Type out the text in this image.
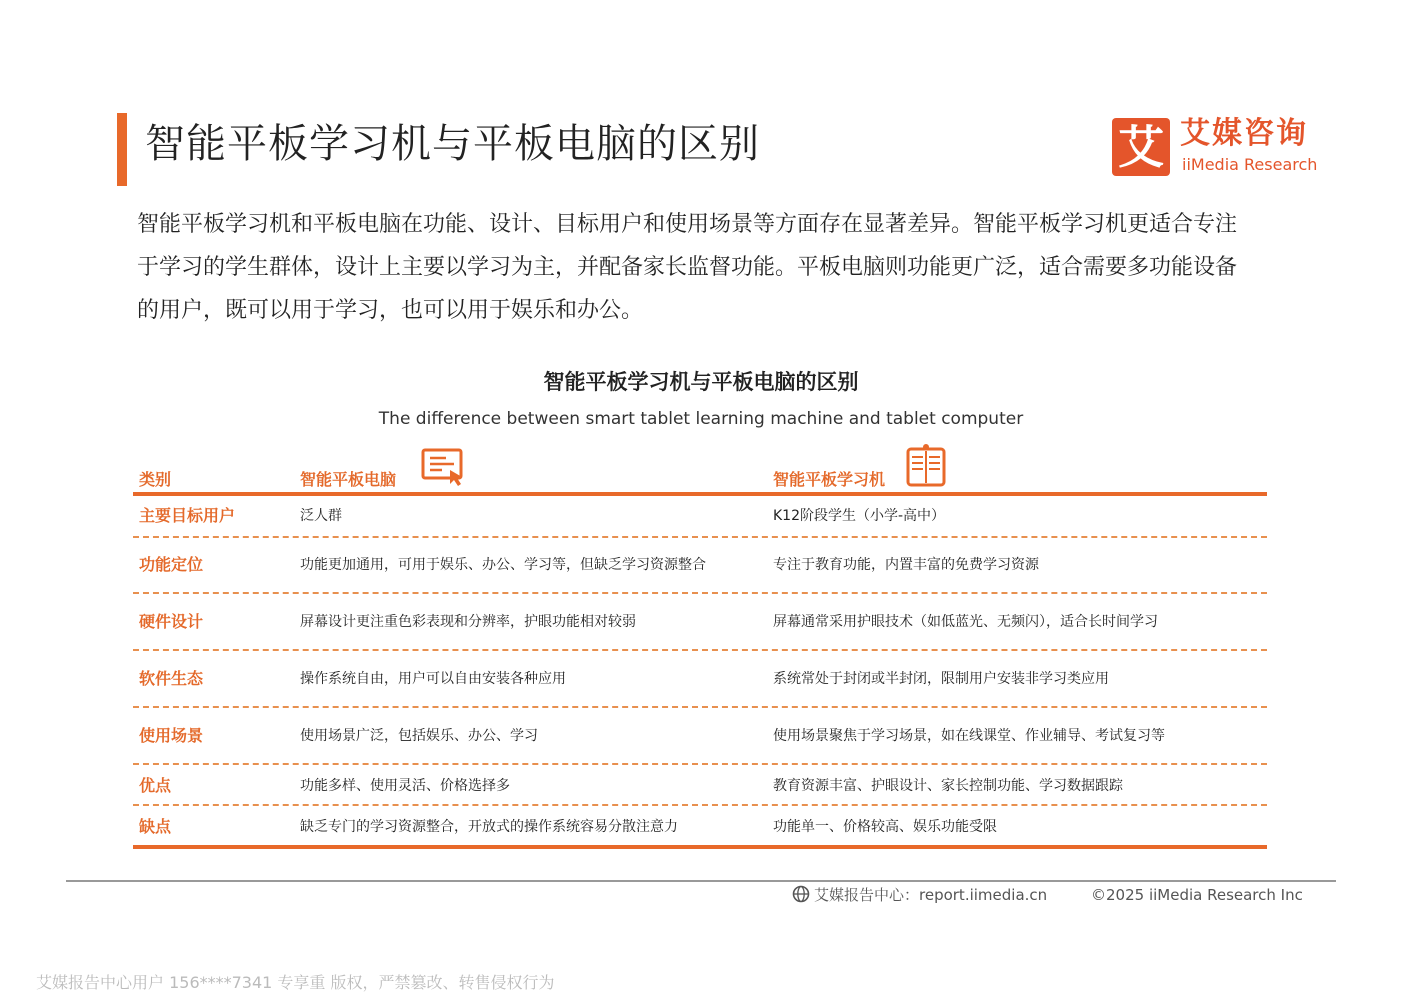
智能平板学习机与平板电脑的区别	艾 艾媒咨询
iiMedia Research
智能平板学习机和平板电脑在功能、设计、目标用户和使用场景等方面存在显著差异。智能平板学习机更适合专注于学习的学生群体，设计上主要以学习为主，并配备家长监督功能。平板电脑则功能更广泛，适合需要多功能设备的用户，既可以用于学习，也可以用于娱乐和办公。
智能平板学习机与平板电脑的区别
The difference between smart tablet learning machine and tablet computer
类别	智能平板电脑	智能平板学习机
主要目标用户	泛人群	K12阶段学生（小学-高中）
功能定位	功能更加通用，可用于娱乐、办公、学习等，但缺乏学习资源整合	专注于教育功能，内置丰富的免费学习资源
硬件设计	屏幕设计更注重色彩表现和分辨率，护眼功能相对较弱	屏幕通常采用护眼技术（如低蓝光、无频闪），适合长时间学习
软件生态	操作系统自由，用户可以自由安装各种应用	系统常处于封闭或半封闭，限制用户安装非学习类应用
使用场景	使用场景广泛，包括娱乐、办公、学习	使用场景聚焦于学习场景，如在线课堂、作业辅导、考试复习等
优点	功能多样、使用灵活、价格选择多	教育资源丰富、护眼设计、家长控制功能、学习数据跟踪
缺点	缺乏专门的学习资源整合，开放式的操作系统容易分散注意力	功能单一、价格较高、娱乐功能受限
艾媒报告中心：report.iimedia.cn	©2025 iiMedia Research Inc
艾媒报告中心用户 156****7341 专享重 版权，严禁篡改、转售侵权行为
